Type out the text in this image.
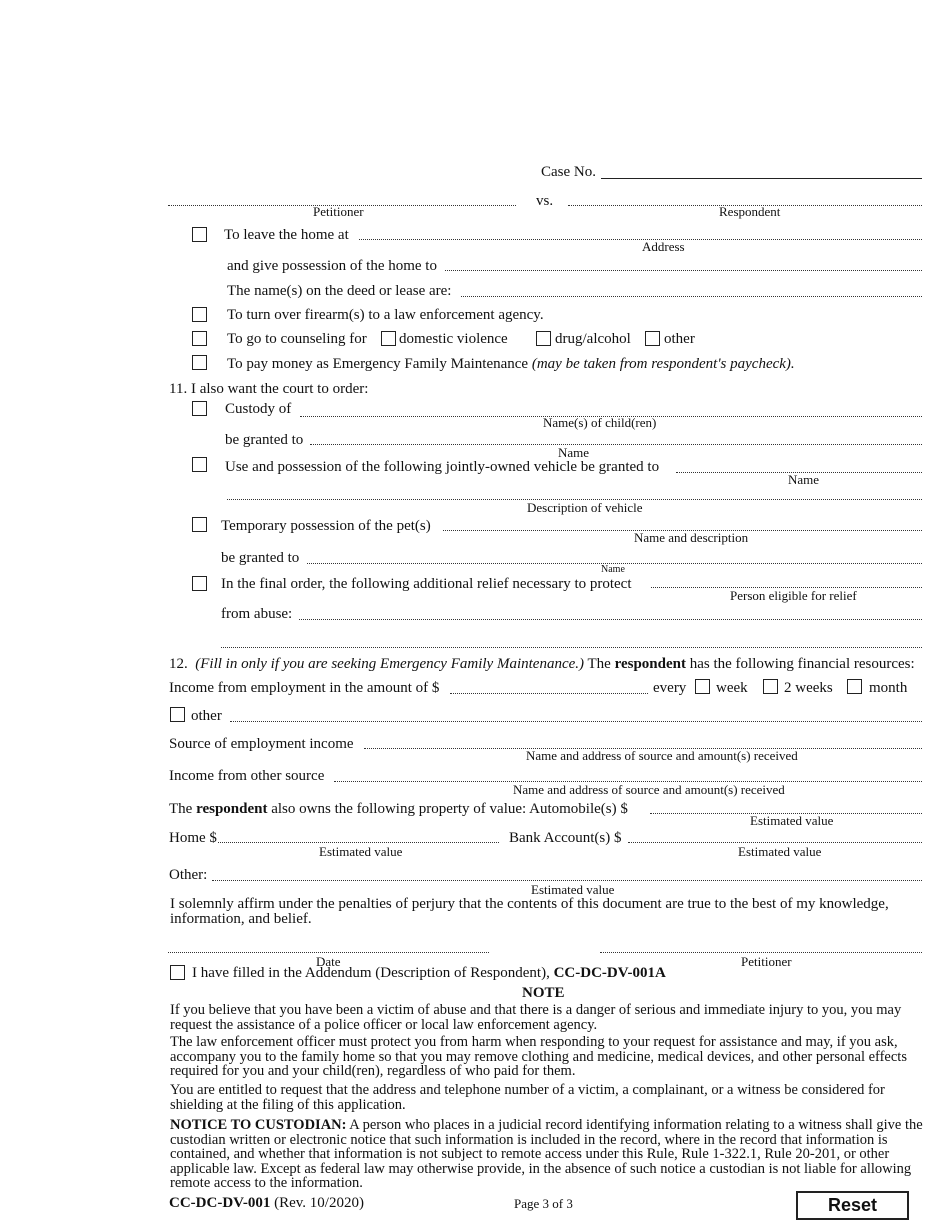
Case No.
vs.
Petitioner	Respondent
To leave the home at
Address
and give possession of the home to
The name(s) on the deed or lease are:
To turn over firearm(s) to a law enforcement agency.
To go to counseling for domestic violence	drug/alcohol other
To pay money as Emergency Family Maintenance (may be taken from respondent's paycheck).
11. I also want the court to order:
Custody of
Name(s) of child(ren)
be granted to
Name
Use and possession of the following jointly-owned vehicle be granted to
Name
Description of vehicle
Temporary possession of the pet(s)
Name and description
be granted to
Name
In the final order, the following additional relief necessary to protect
Person eligible for relief
from abuse:
12. (Fill in only if you are seeking Emergency Family Maintenance.) The respondent has the following financial resources:
Income from employment in the amount of $	every week 2 weeks month
other
Source of employment income
Name and address of source and amount(s) received
Income from other source
Name and address of source and amount(s) received
The respondent also owns the following property of value: Automobile(s) $
Estimated value
Home $
Estimated value
Bank Account(s) $
Estimated value
Other:
Estimated value
I solemnly affirm under the penalties of perjury that the contents of this document are true to the best of my knowledge, information, and belief.
Date	Petitioner
I have filled in the Addendum (Description of Respondent), CC-DC-DV-001A
NOTE
If you believe that you have been a victim of abuse and that there is a danger of serious and immediate injury to you, you may request the assistance of a police officer or local law enforcement agency.
The law enforcement officer must protect you from harm when responding to your request for assistance and may, if you ask, accompany you to the family home so that you may remove clothing and medicine, medical devices, and other personal effects required for you and your child(ren), regardless of who paid for them.
You are entitled to request that the address and telephone number of a victim, a complainant, or a witness be considered for shielding at the filing of this application.
NOTICE TO CUSTODIAN: A person who places in a judicial record identifying information relating to a witness shall give the custodian written or electronic notice that such information is included in the record, where in the record that information is contained, and whether that information is not subject to remote access under this Rule, Rule 1-322.1, Rule 20-201, or other applicable law. Except as federal law may otherwise provide, in the absence of such notice a custodian is not liable for allowing remote access to the information.
CC-DC-DV-001 (Rev. 10/2020)	Page 3 of 3	Reset
